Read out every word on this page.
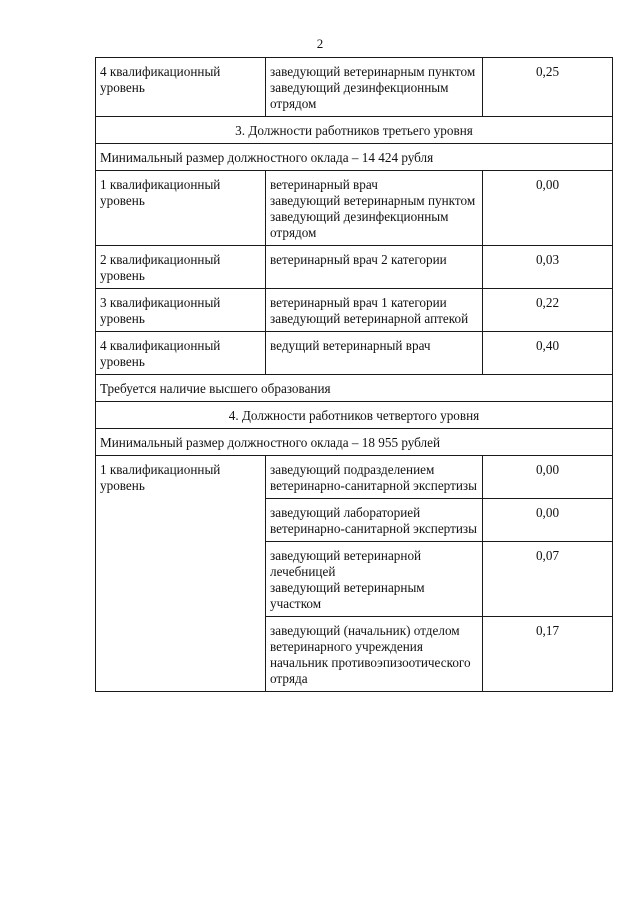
2
4 квалификационный уровень	заведующий ветеринарным пунктом
заведующий дезинфекционным отрядом	0,25
3. Должности работников третьего уровня		
Минимальный размер должностного оклада – 14 424 рубля		
1 квалификационный уровень	ветеринарный врач
заведующий ветеринарным пунктом
заведующий дезинфекционным отрядом	0,00
2 квалификационный уровень	ветеринарный врач 2 категории	0,03
3 квалификационный уровень	ветеринарный врач 1 категории
заведующий ветеринарной аптекой	0,22
4 квалификационный уровень	ведущий ветеринарный врач	0,40
Требуется наличие высшего образования		
4. Должности работников четвертого уровня		
Минимальный размер должностного оклада – 18 955 рублей		
1 квалификационный уровень	заведующий подразделением ветеринарно-санитарной экспертизы	0,00
	заведующий лабораторией ветеринарно-санитарной экспертизы	0,00
	заведующий ветеринарной лечебницей
заведующий ветеринарным участком	0,07
	заведующий (начальник) отделом ветеринарного учреждения
начальник противоэпизоотического отряда	0,17
